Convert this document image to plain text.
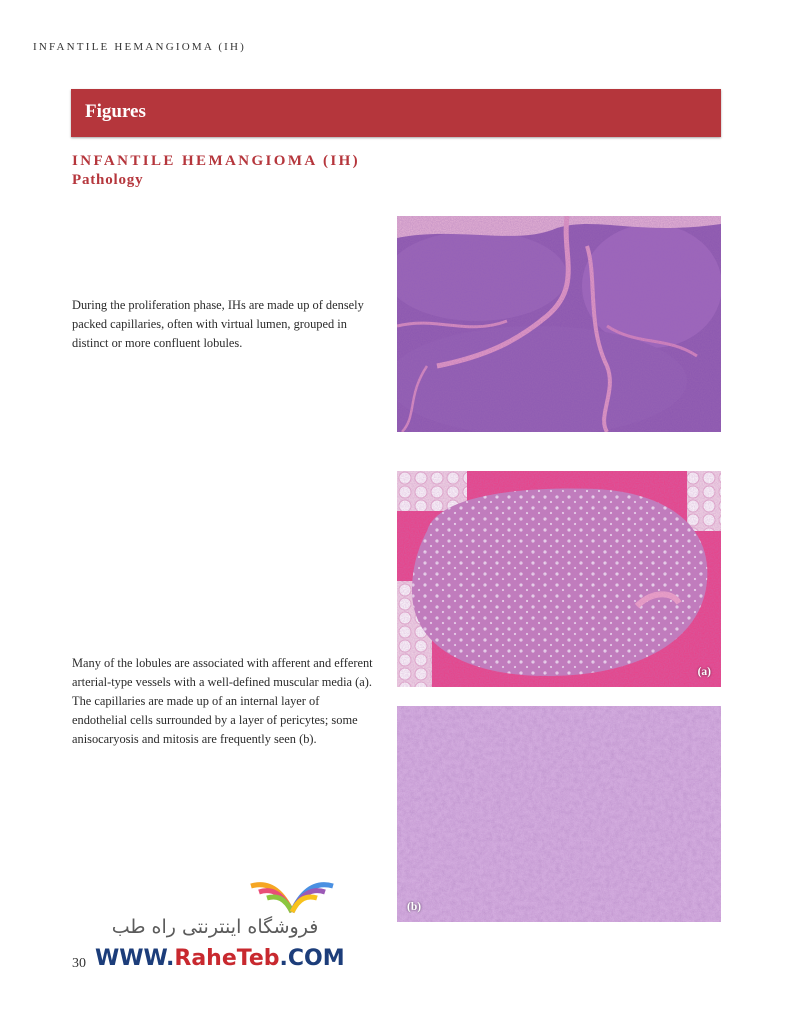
INFANTILE HEMANGIOMA (IH)
Figures
INFANTILE HEMANGIOMA (IH)
Pathology
During the proliferation phase, IHs are made up of densely packed capillaries, often with virtual lumen, grouped in distinct or more confluent lobules.
Many of the lobules are associated with afferent and efferent arterial-type vessels with a well-defined muscular media (a). The capillaries are made up of an internal layer of endothelial cells surrounded by a layer of pericytes; some anisocaryosis and mitosis are frequently seen (b).
(a)
(b)
30
فروشگاه اینترنتی راه طب
WWW.RaheTeb.COM
